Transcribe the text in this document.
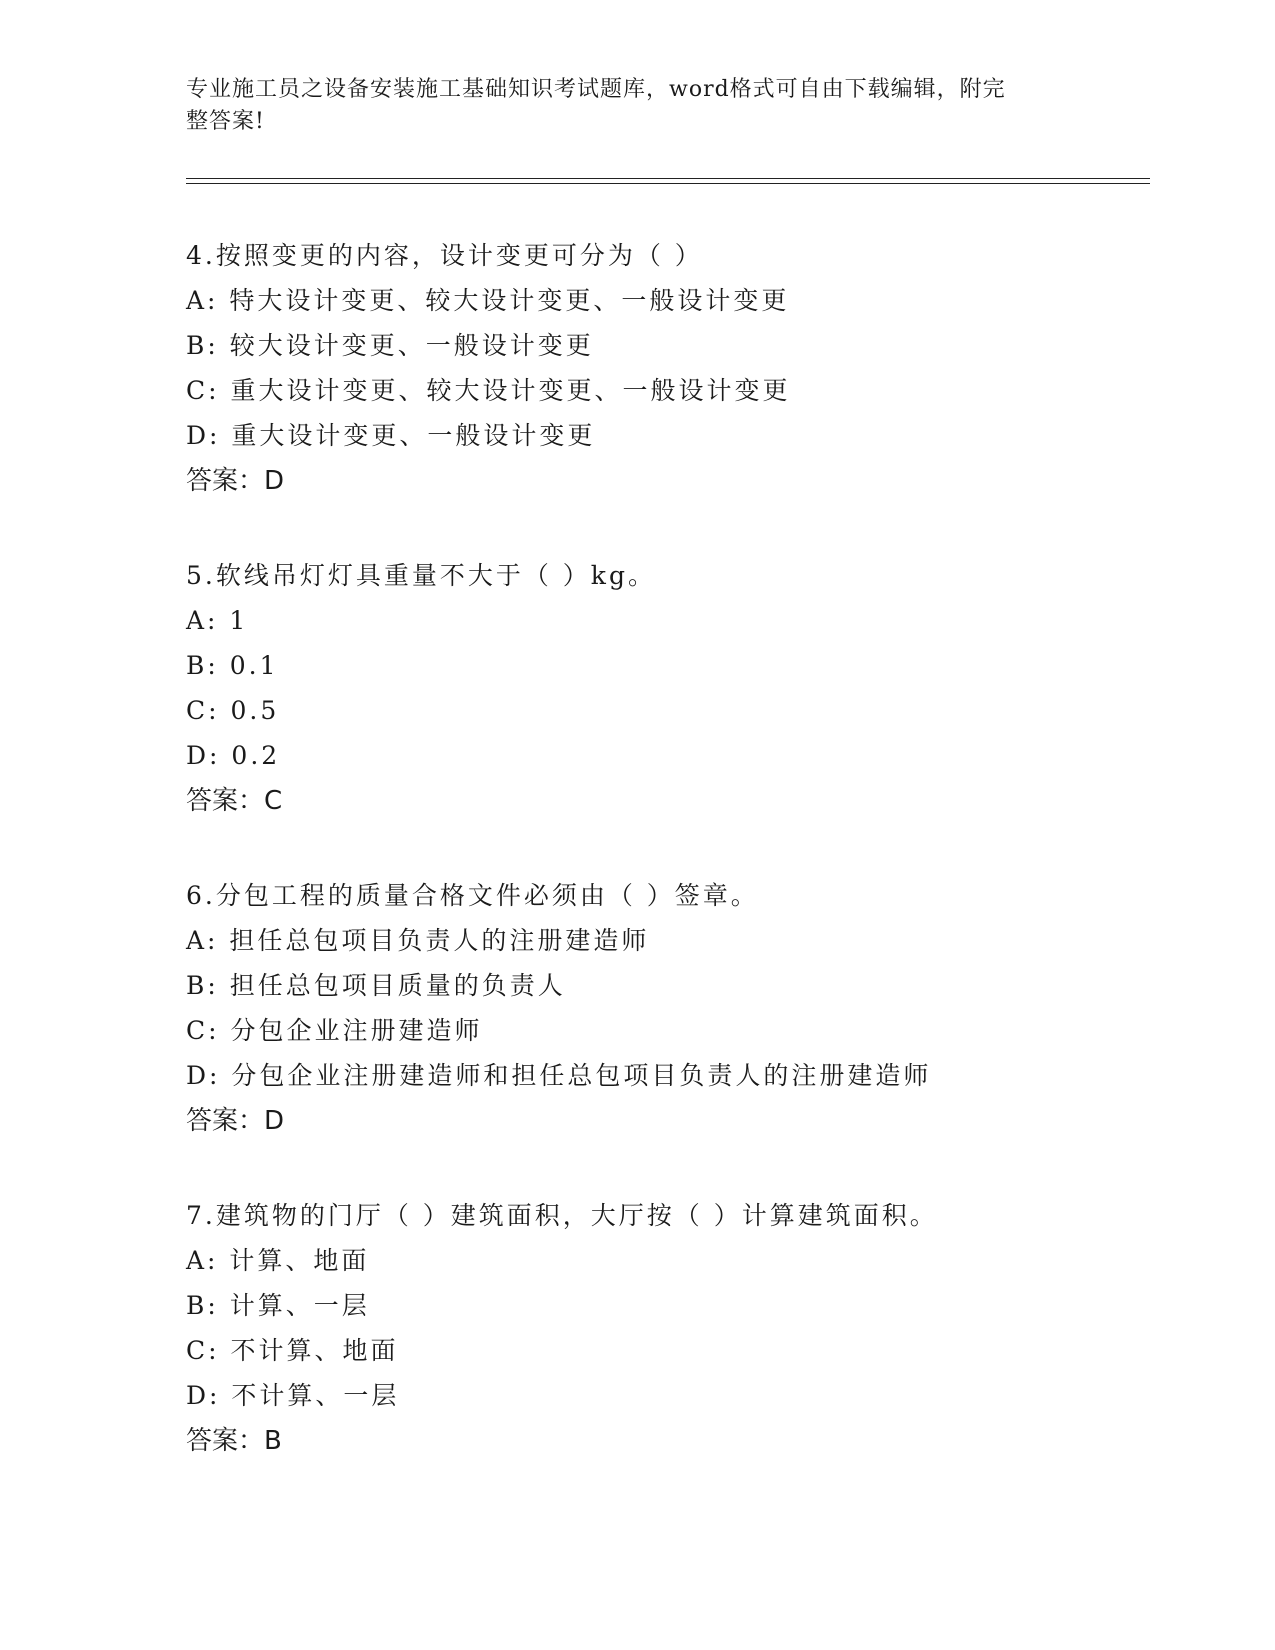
专业施工员之设备安装施工基础知识考试题库，word格式可自由下载编辑，附完
整答案!
4.按照变更的内容，设计变更可分为（ ）
A: 特大设计变更、较大设计变更、一般设计变更
B: 较大设计变更、一般设计变更
C: 重大设计变更、较大设计变更、一般设计变更
D: 重大设计变更、一般设计变更
答案：D
5.软线吊灯灯具重量不大于（ ）kg。
A: 1
B: 0.1
C: 0.5
D: 0.2
答案：C
6.分包工程的质量合格文件必须由（ ）签章。
A: 担任总包项目负责人的注册建造师
B: 担任总包项目质量的负责人
C: 分包企业注册建造师
D: 分包企业注册建造师和担任总包项目负责人的注册建造师
答案：D
7.建筑物的门厅（ ）建筑面积，大厅按（ ）计算建筑面积。
A: 计算、地面
B: 计算、一层
C: 不计算、地面
D: 不计算、一层
答案：B
